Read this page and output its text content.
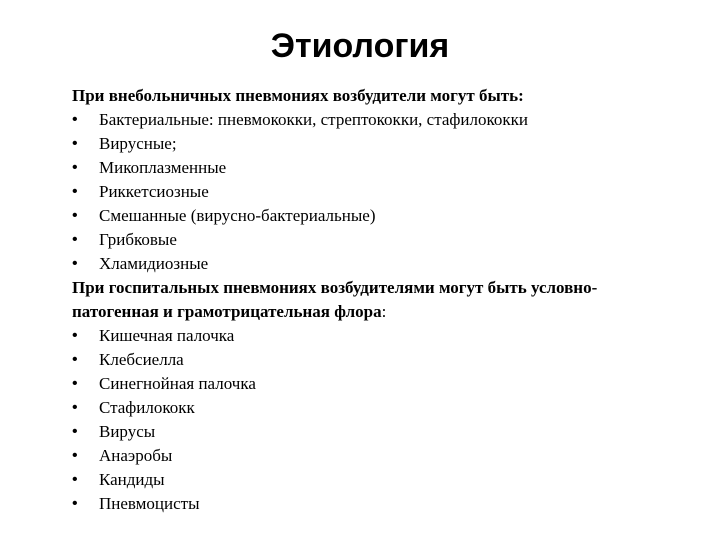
Этиология

При внебольничных пневмониях возбудители могут быть:

• Бактериальные: пневмококки, стрептококки, стафилококки
• Вирусные;
• Микоплазменные
• Риккетсиозные
• Смешанные (вирусно-бактериальные)
• Грибковые
• Хламидиозные

При госпитальных пневмониях возбудителями могут быть условно-патогенная и грамотрицательная флора:

• Кишечная палочка
• Клебсиелла
• Синегнойная палочка
• Стафилококк
• Вирусы
• Анаэробы
• Кандиды
• Пневмоцисты
